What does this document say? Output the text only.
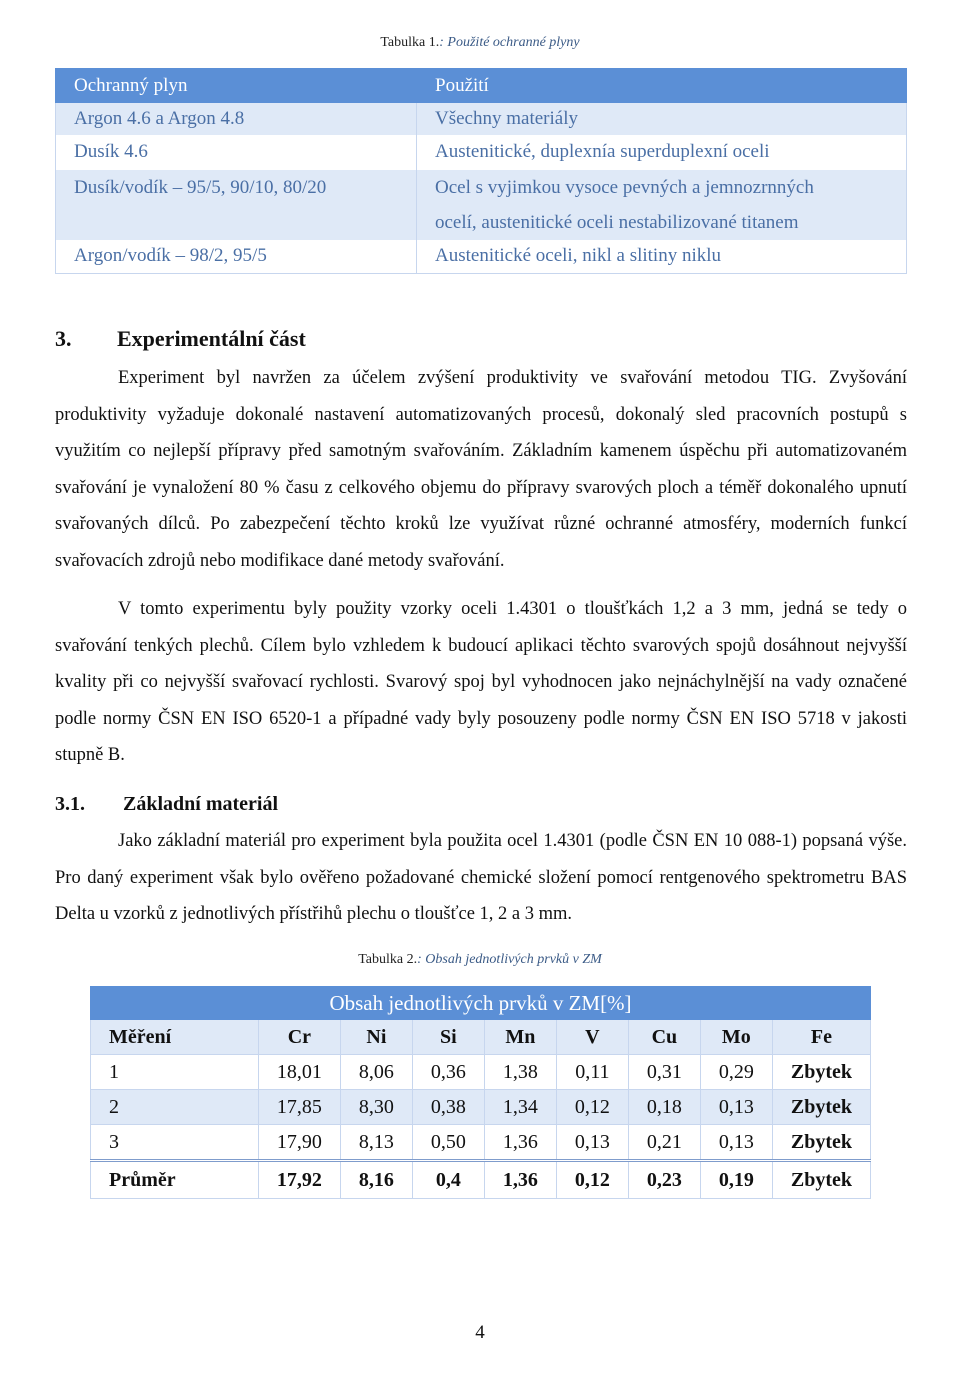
Tabulka 1.: Použité ochranné plyny
Ochranný plyn	Použití
Argon 4.6 a Argon 4.8	Všechny materiály
Dusík 4.6	Austenitické, duplexnía superduplexní oceli
Dusík/vodík – 95/5, 90/10, 80/20	Ocel s vyjimkou vysoce pevných a jemnozrnných
	ocelí, austenitické oceli nestabilizované titanem
Argon/vodík – 98/2, 95/5	Austenitické oceli, nikl a slitiny niklu
3. Experimentální část
Experiment byl navržen za účelem zvýšení produktivity ve svařování metodou TIG. Zvyšování produktivity vyžaduje dokonalé nastavení automatizovaných procesů, dokonalý sled pracovních postupů s využitím co nejlepší přípravy před samotným svařováním. Základním kamenem úspěchu při automatizovaném svařování je vynaložení 80 % času z celkového objemu do přípravy svarových ploch a téměř dokonalého upnutí svařovaných dílců. Po zabezpečení těchto kroků lze využívat různé ochranné atmosféry, moderních funkcí svařovacích zdrojů nebo modifikace dané metody svařování.
V tomto experimentu byly použity vzorky oceli 1.4301 o tloušťkách 1,2 a 3 mm, jedná se tedy o svařování tenkých plechů. Cílem bylo vzhledem k budoucí aplikaci těchto svarových spojů dosáhnout nejvyšší kvality při co nejvyšší svařovací rychlosti. Svarový spoj byl vyhodnocen jako nejnáchylnější na vady označené podle normy ČSN EN ISO 6520-1 a případné vady byly posouzeny podle normy ČSN EN ISO 5718 v jakosti stupně B.
3.1. Základní materiál
Jako základní materiál pro experiment byla použita ocel 1.4301 (podle ČSN EN 10 088-1) popsaná výše. Pro daný experiment však bylo ověřeno požadované chemické složení pomocí rentgenového spektrometru BAS Delta u vzorků z jednotlivých přístřihů plechu o tloušťce 1, 2 a 3 mm.
Tabulka 2.: Obsah jednotlivých prvků v ZM
Obsah jednotlivých prvků v ZM[%]								
Měření	Cr	Ni	Si	Mn	V	Cu	Mo	Fe
1	18,01	8,06	0,36	1,38	0,11	0,31	0,29	Zbytek
2	17,85	8,30	0,38	1,34	0,12	0,18	0,13	Zbytek
3	17,90	8,13	0,50	1,36	0,13	0,21	0,13	Zbytek
Průměr	17,92	8,16	0,4	1,36	0,12	0,23	0,19	Zbytek
4
